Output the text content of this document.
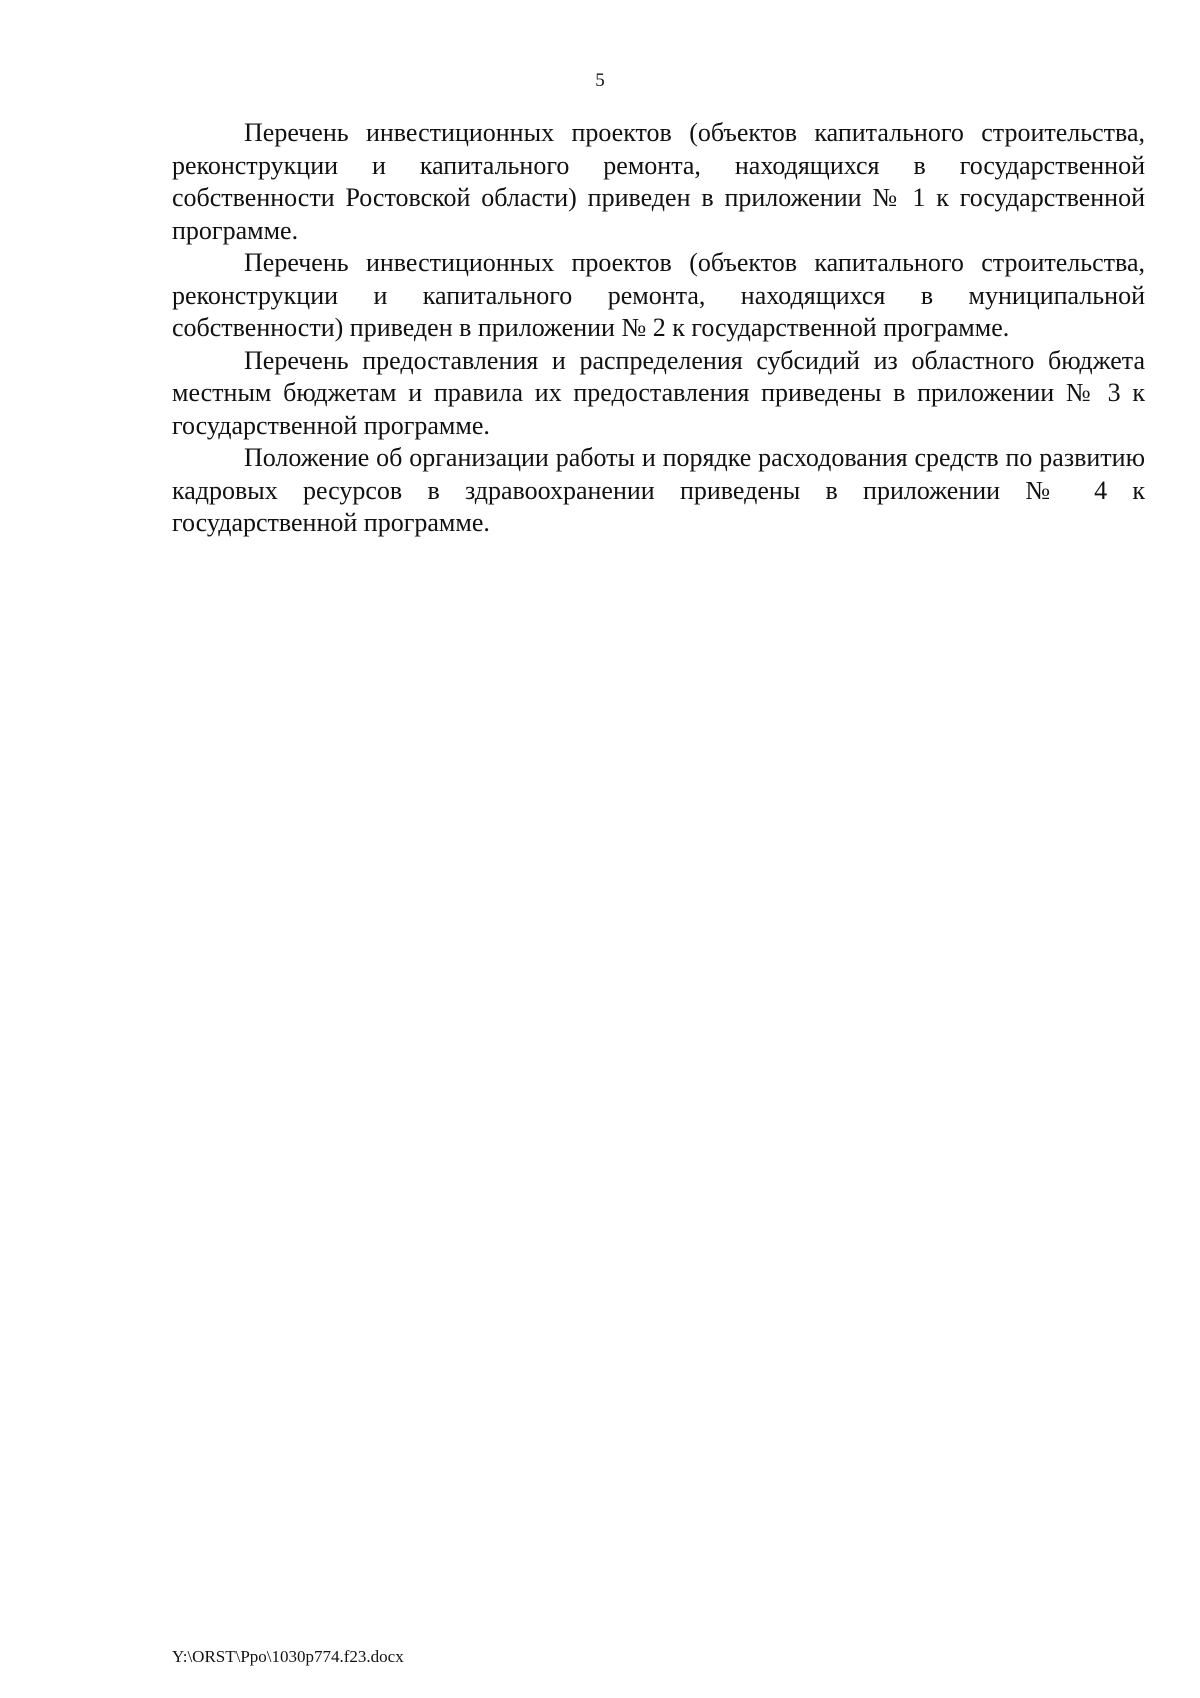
5

Перечень инвестиционных проектов (объектов капитального строительства, реконструкции и капитального ремонта, находящихся в государственной собственности Ростовской области) приведен в приложении № 1 к государственной программе.

Перечень инвестиционных проектов (объектов капитального строительства, реконструкции и капитального ремонта, находящихся в муниципальной собственности) приведен в приложении № 2 к государственной программе.

Перечень предоставления и распределения субсидий из областного бюджета местным бюджетам и правила их предоставления приведены в приложении № 3 к государственной программе.

Положение об организации работы и порядке расходования средств по развитию кадровых ресурсов в здравоохранении приведены в приложении № 4 к государственной программе.

Y:\ORST\Ppo\1030p774.f23.docx
